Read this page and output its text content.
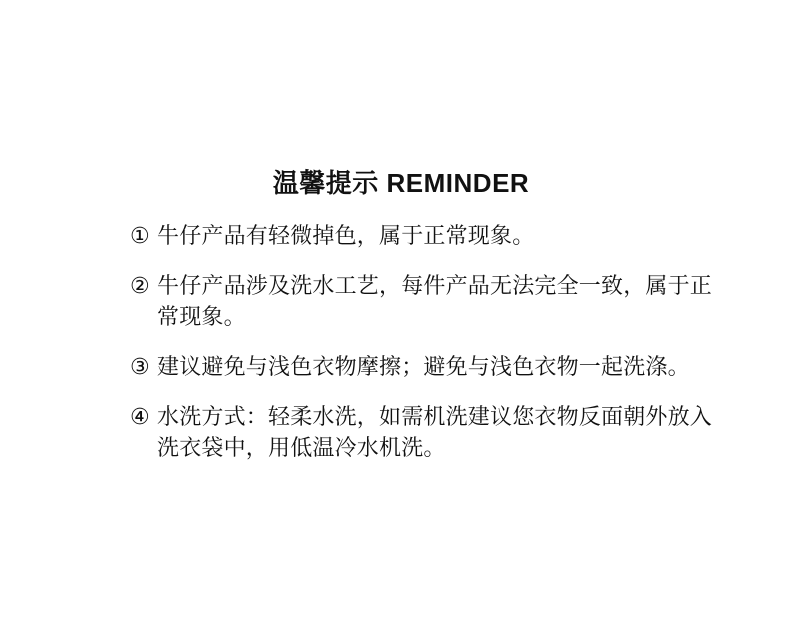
温馨提示 REMINDER
① 牛仔产品有轻微掉色，属于正常现象。
② 牛仔产品涉及洗水工艺，每件产品无法完全一致，属于正
常现象。
③ 建议避免与浅色衣物摩擦；避免与浅色衣物一起洗涤。
④ 水洗方式：轻柔水洗，如需机洗建议您衣物反面朝外放入
洗衣袋中，用低温冷水机洗。
